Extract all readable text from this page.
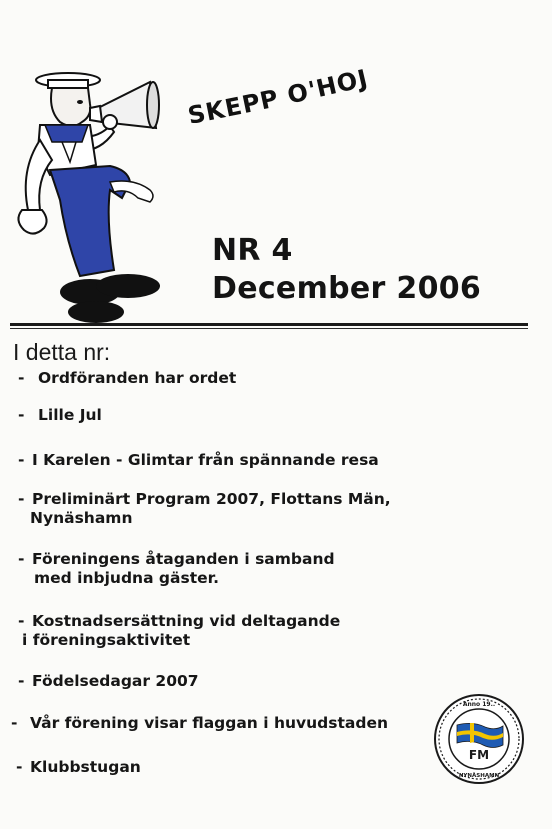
SKEPP O'HOJ
NR 4
December 2006
I detta nr:
- Ordföranden har ordet
- Lille Jul
- I Karelen - Glimtar från spännande resa
- Preliminärt Program 2007, Flottans Män,
Nynäshamn
- Föreningens åtaganden i samband
med inbjudna gäster.
- Kostnadsersättning vid deltagande
i föreningsaktivitet
- Födelsedagar 2007
- Vår förening visar flaggan i huvudstaden
- Klubbstugan
Anno 19..
FM
NYNÄSHAMN
